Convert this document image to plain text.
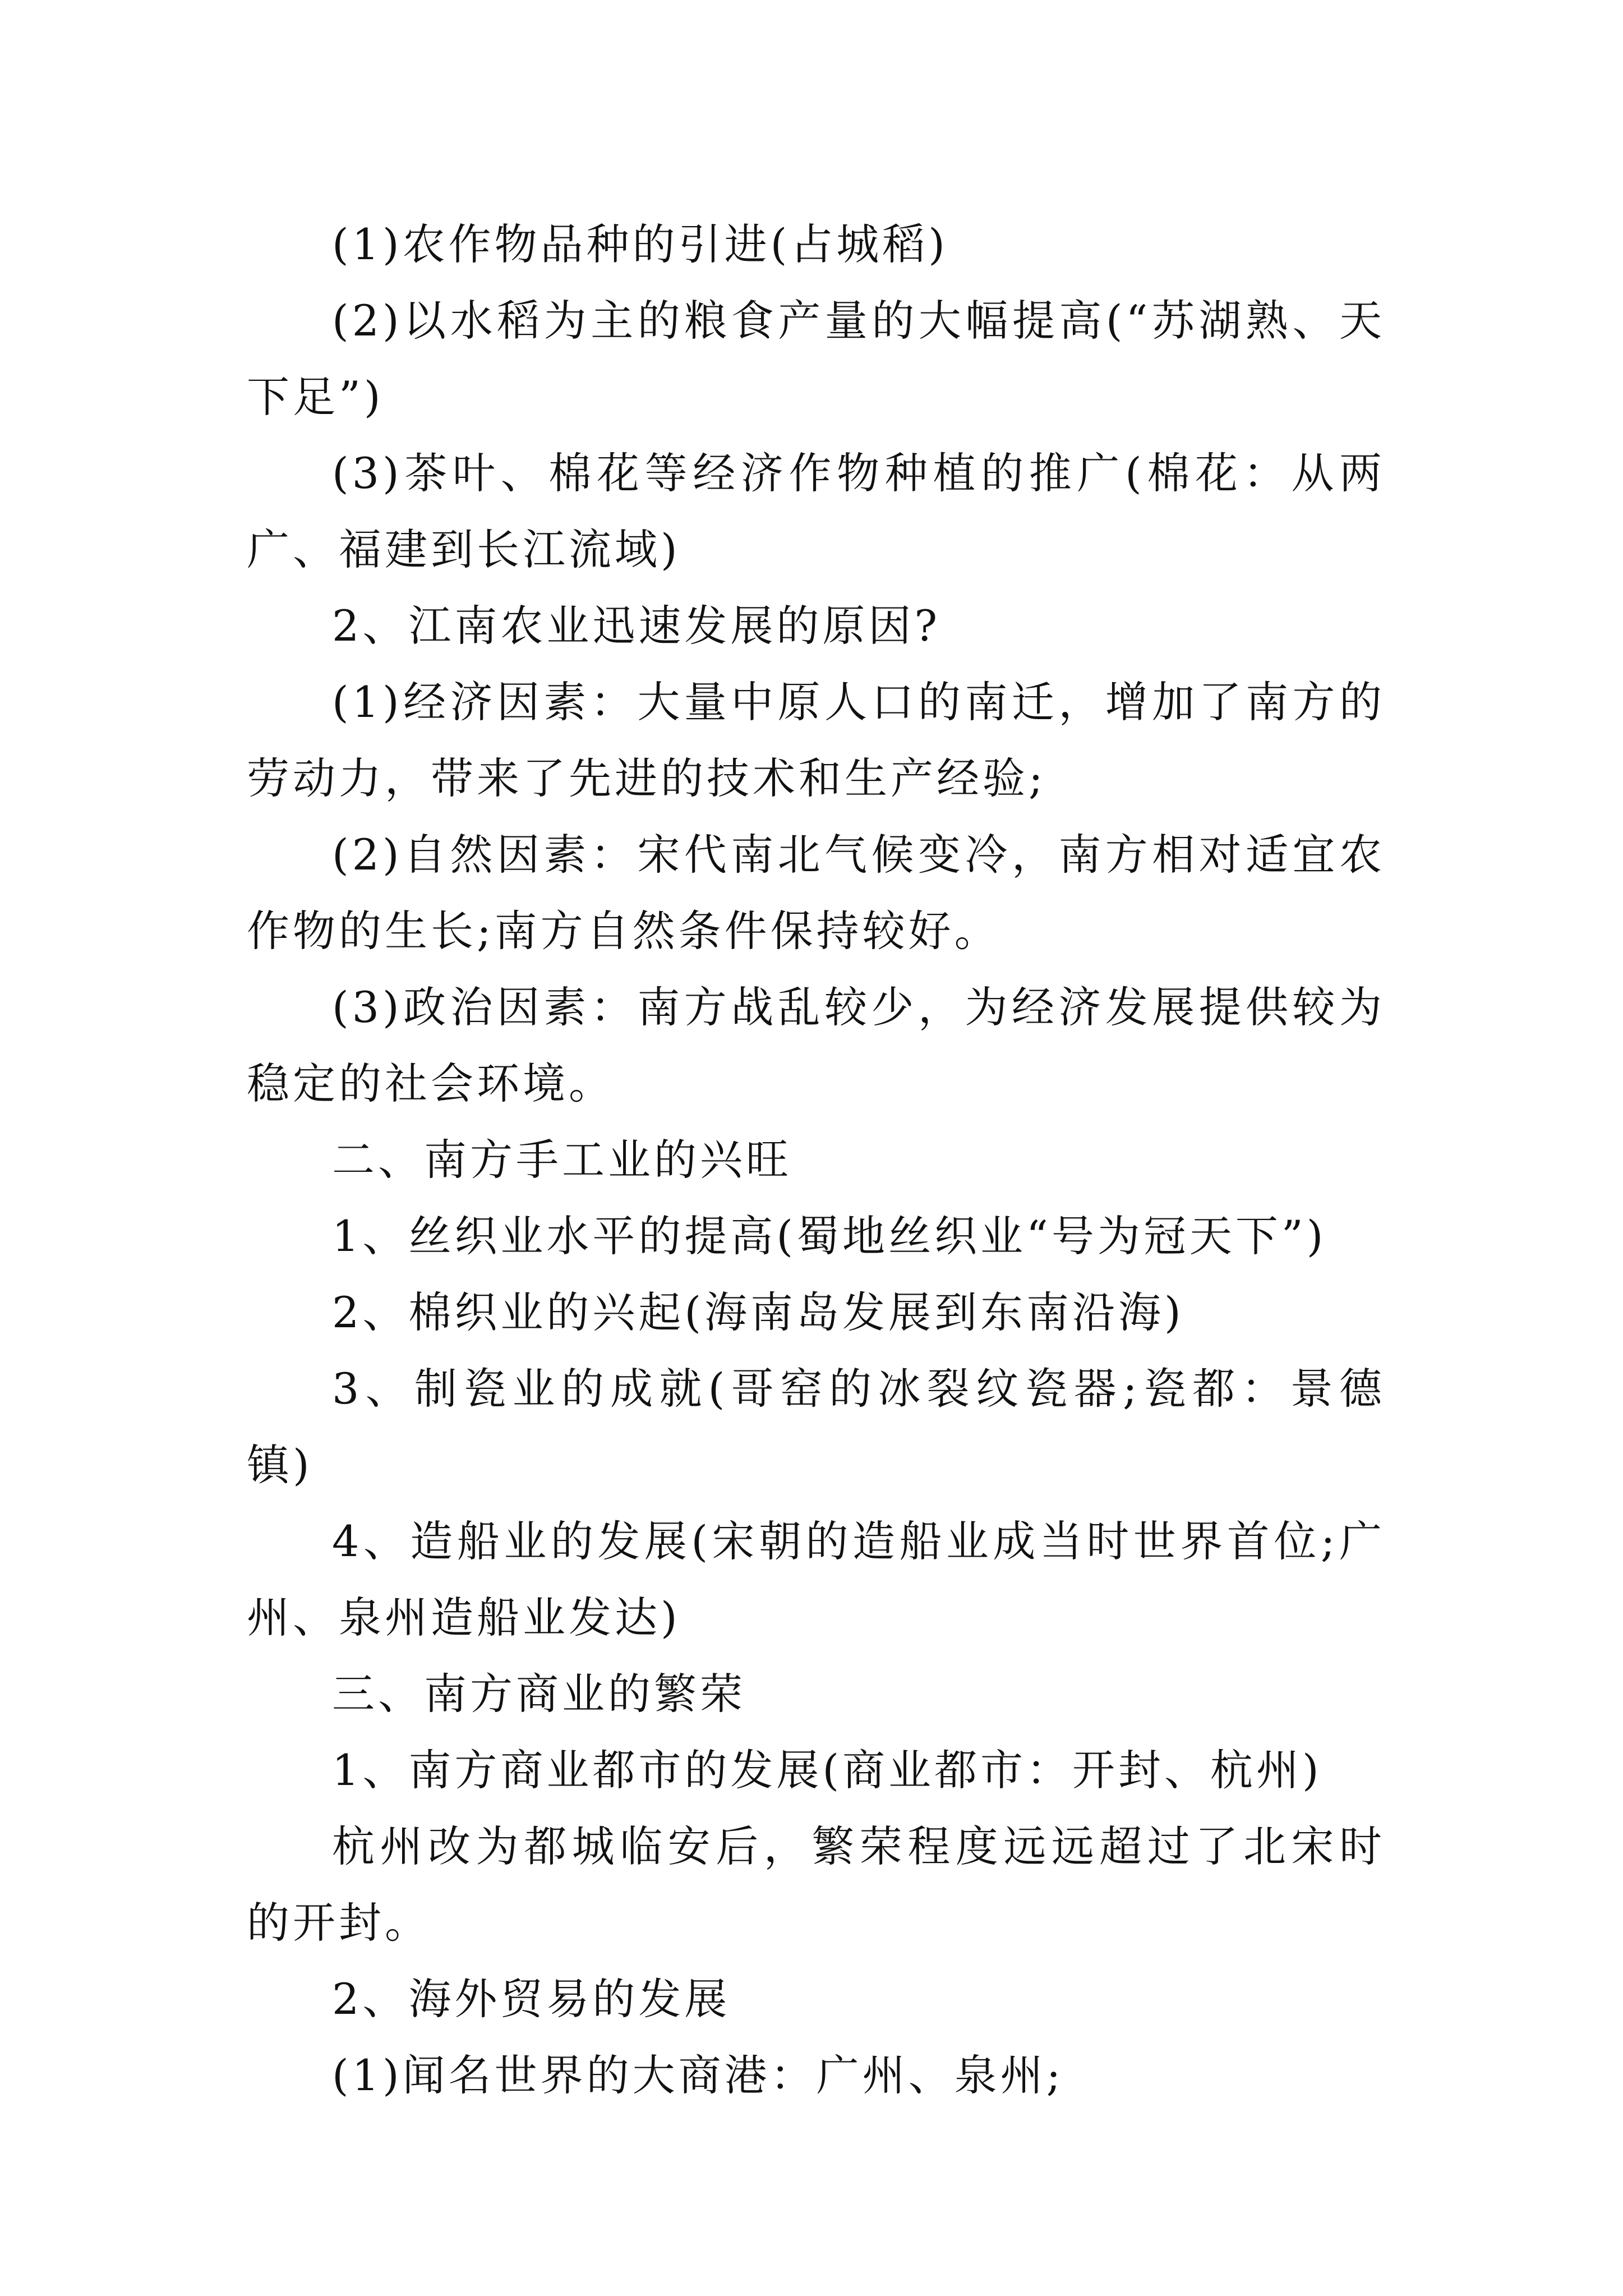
(1)农作物品种的引进(占城稻)

(2)以水稻为主的粮食产量的大幅提高(“苏湖熟、天下足”)

(3)茶叶、棉花等经济作物种植的推广(棉花：从两广、福建到长江流域)

2、江南农业迅速发展的原因?

(1)经济因素：大量中原人口的南迁，增加了南方的劳动力，带来了先进的技术和生产经验;

(2)自然因素：宋代南北气候变冷，南方相对适宜农作物的生长;南方自然条件保持较好。

(3)政治因素：南方战乱较少，为经济发展提供较为稳定的社会环境。

二、南方手工业的兴旺

1、丝织业水平的提高(蜀地丝织业“号为冠天下”)

2、棉织业的兴起(海南岛发展到东南沿海)

3、制瓷业的成就(哥窑的冰裂纹瓷器;瓷都：景德镇)

4、造船业的发展(宋朝的造船业成当时世界首位;广州、泉州造船业发达)

三、南方商业的繁荣

1、南方商业都市的发展(商业都市：开封、杭州)

杭州改为都城临安后，繁荣程度远远超过了北宋时的开封。

2、海外贸易的发展

(1)闻名世界的大商港：广州、泉州;
